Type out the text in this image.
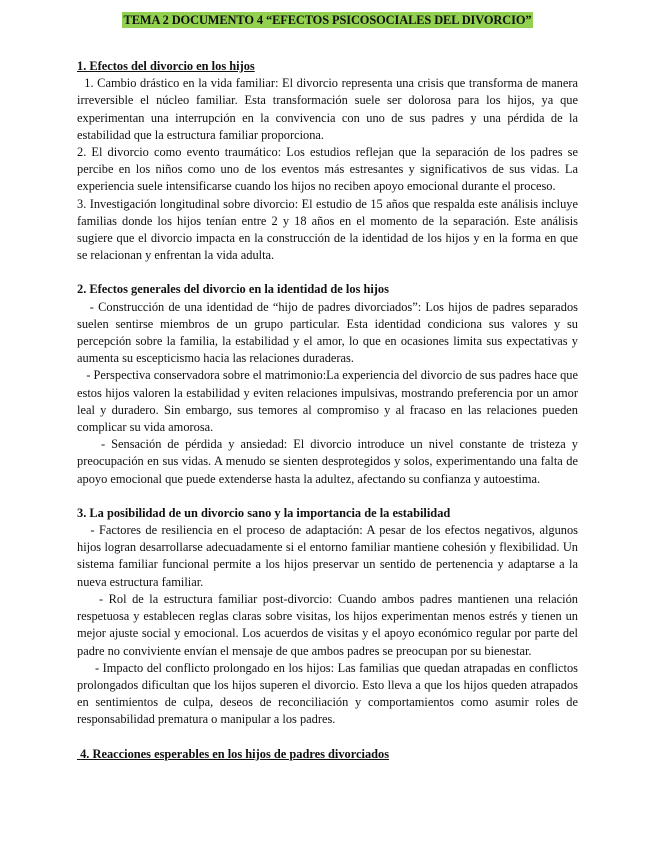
TEMA 2 DOCUMENTO 4 “EFECTOS PSICOSOCIALES DEL DIVORCIO”

1. Efectos del divorcio en los hijos

1. Cambio drástico en la vida familiar: El divorcio representa una crisis que transforma de manera irreversible el núcleo familiar. Esta transformación suele ser dolorosa para los hijos, ya que experimentan una interrupción en la convivencia con uno de sus padres y una pérdida de la estabilidad que la estructura familiar proporciona.

2. El divorcio como evento traumático: Los estudios reflejan que la separación de los padres se percibe en los niños como uno de los eventos más estresantes y significativos de sus vidas. La experiencia suele intensificarse cuando los hijos no reciben apoyo emocional durante el proceso.

3. Investigación longitudinal sobre divorcio: El estudio de 15 años que respalda este análisis incluye familias donde los hijos tenían entre 2 y 18 años en el momento de la separación. Este análisis sugiere que el divorcio impacta en la construcción de la identidad de los hijos y en la forma en que se relacionan y enfrentan la vida adulta.

2. Efectos generales del divorcio en la identidad de los hijos

- Construcción de una identidad de “hijo de padres divorciados”: Los hijos de padres separados suelen sentirse miembros de un grupo particular. Esta identidad condiciona sus valores y su percepción sobre la familia, la estabilidad y el amor, lo que en ocasiones limita sus expectativas y aumenta su escepticismo hacia las relaciones duraderas.

- Perspectiva conservadora sobre el matrimonio:La experiencia del divorcio de sus padres hace que estos hijos valoren la estabilidad y eviten relaciones impulsivas, mostrando preferencia por un amor leal y duradero. Sin embargo, sus temores al compromiso y al fracaso en las relaciones pueden complicar su vida amorosa.

- Sensación de pérdida y ansiedad: El divorcio introduce un nivel constante de tristeza y preocupación en sus vidas. A menudo se sienten desprotegidos y solos, experimentando una falta de apoyo emocional que puede extenderse hasta la adultez, afectando su confianza y autoestima.

3. La posibilidad de un divorcio sano y la importancia de la estabilidad

- Factores de resiliencia en el proceso de adaptación: A pesar de los efectos negativos, algunos hijos logran desarrollarse adecuadamente si el entorno familiar mantiene cohesión y flexibilidad. Un sistema familiar funcional permite a los hijos preservar un sentido de pertenencia y adaptarse a la nueva estructura familiar.

- Rol de la estructura familiar post-divorcio: Cuando ambos padres mantienen una relación respetuosa y establecen reglas claras sobre visitas, los hijos experimentan menos estrés y tienen un mejor ajuste social y emocional. Los acuerdos de visitas y el apoyo económico regular por parte del padre no conviviente envían el mensaje de que ambos padres se preocupan por su bienestar.

- Impacto del conflicto prolongado en los hijos: Las familias que quedan atrapadas en conflictos prolongados dificultan que los hijos superen el divorcio. Esto lleva a que los hijos queden atrapados en sentimientos de culpa, deseos de reconciliación y comportamientos como asumir roles de responsabilidad prematura o manipular a los padres.

4. Reacciones esperables en los hijos de padres divorciados
